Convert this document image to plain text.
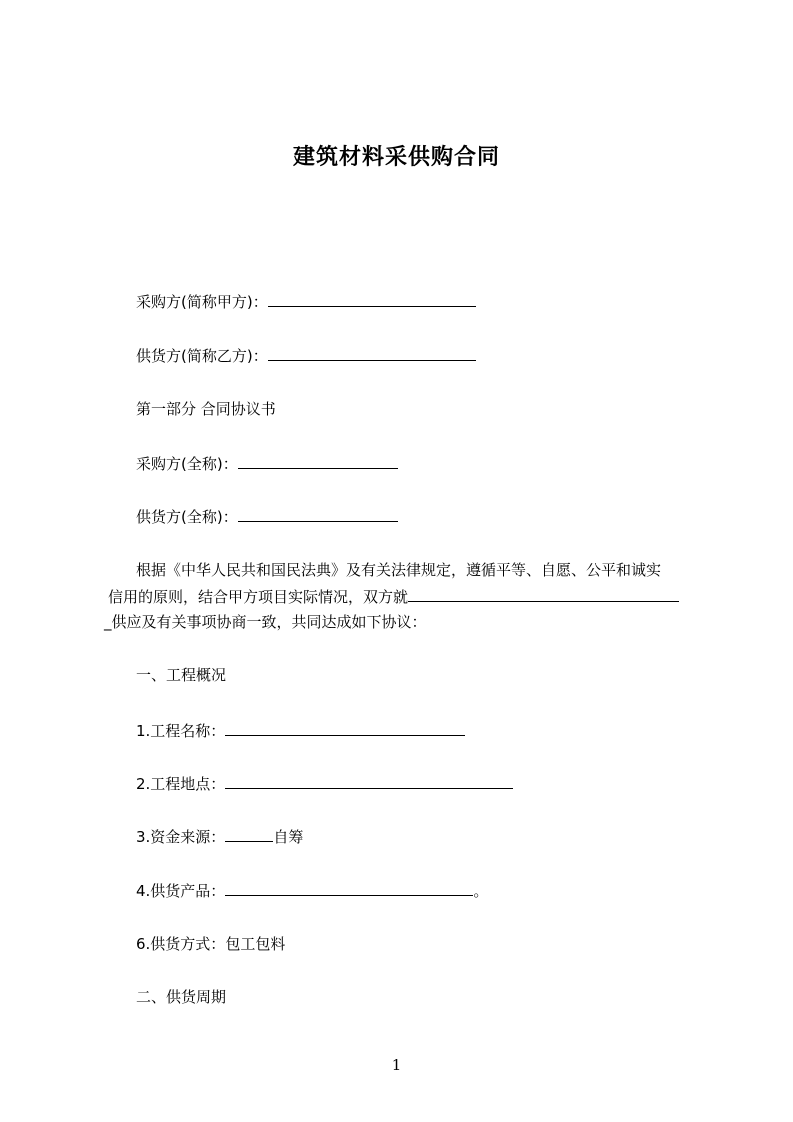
建筑材料采供购合同
采购方(简称甲方)：
供货方(简称乙方)：
第一部分 合同协议书
采购方(全称)：
供货方(全称)：
根据《中华人民共和国民法典》及有关法律规定，遵循平等、自愿、公平和诚实
信用的原则，结合甲方项目实际情况，双方就
_供应及有关事项协商一致，共同达成如下协议：
一、工程概况
1.工程名称：
2.工程地点：
3.资金来源：	自筹
4.供货产品：	。
6.供货方式：包工包料
二、供货周期
1
